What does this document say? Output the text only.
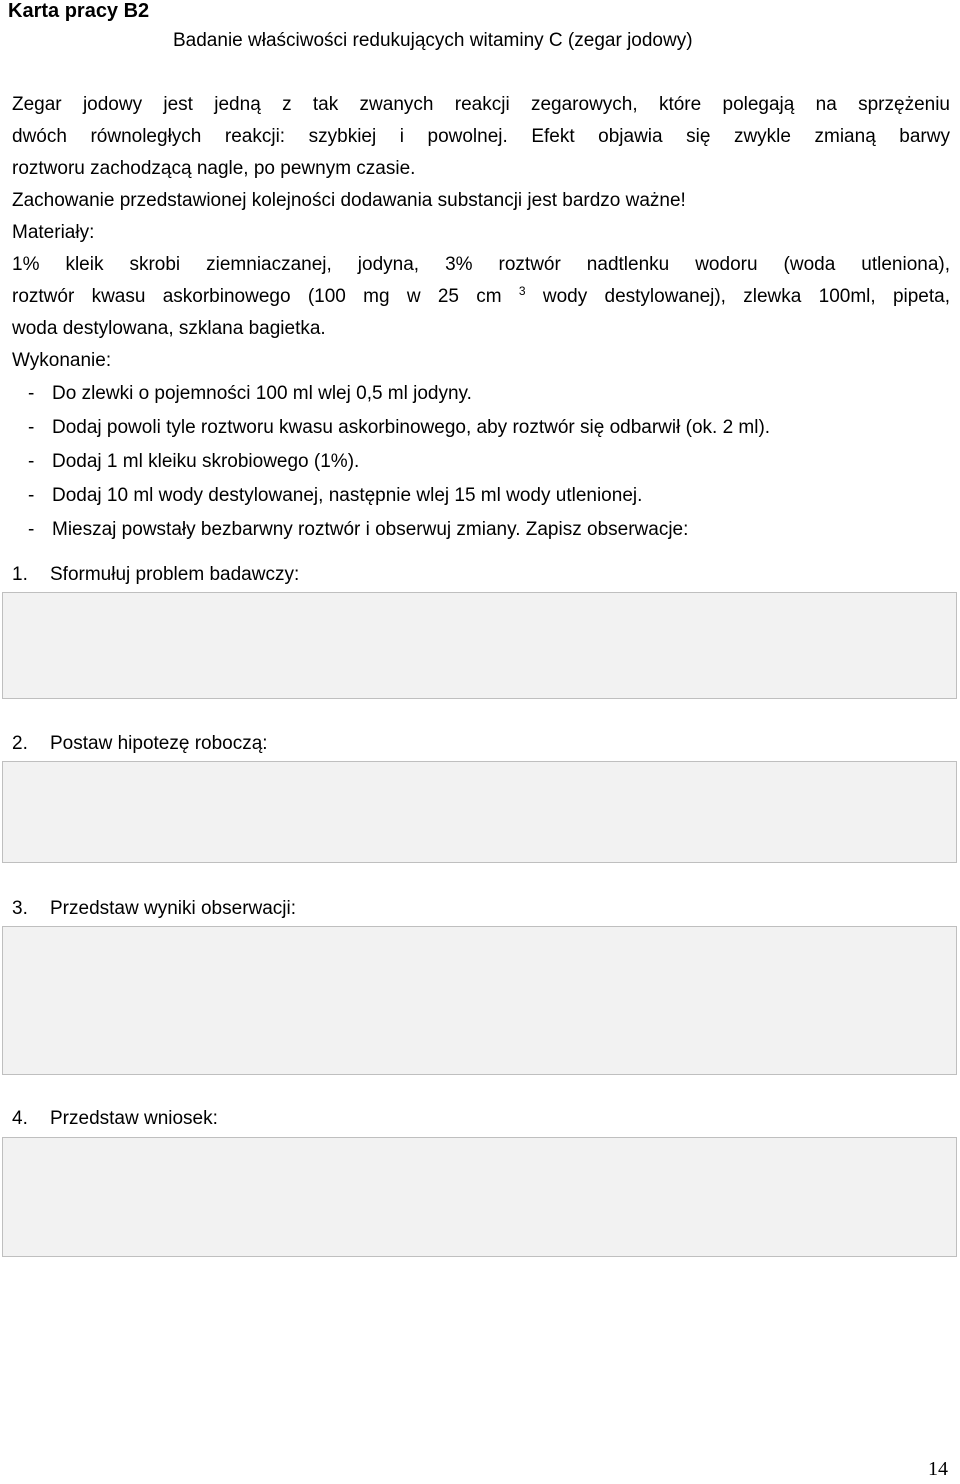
Karta pracy B2

Badanie właściwości redukujących witaminy C (zegar jodowy)

Zegar jodowy jest jedną z tak zwanych reakcji zegarowych, które polegają na sprzężeniu

dwóch równoległych reakcji: szybkiej i powolnej. Efekt objawia się zwykle zmianą barwy

roztworu zachodzącą nagle, po pewnym czasie.

Zachowanie przedstawionej kolejności dodawania substancji jest bardzo ważne!

Materiały:

1% kleik skrobi ziemniaczanej, jodyna, 3% roztwór nadtlenku wodoru (woda utleniona),

roztwór kwasu askorbinowego (100 mg w 25 cm $^3$ wody destylowanej), zlewka 100ml, pipeta,

woda destylowana, szklana bagietka.

Wykonanie:

- Do zlewki o pojemności 100 ml wlej 0,5 ml jodyny.
- Dodaj powoli tyle roztworu kwasu askorbinowego, aby roztwór się odbarwił (ok. 2 ml).
- Dodaj 1 ml kleiku skrobiowego (1%).
- Dodaj 10 ml wody destylowanej, następnie wlej 15 ml wody utlenionej.
- Mieszaj powstały bezbarwny roztwór i obserwuj zmiany. Zapisz obserwacje:

1. Sformułuj problem badawczy:

2. Postaw hipotezę roboczą:

3. Przedstaw wyniki obserwacji:

4. Przedstaw wniosek:

14
